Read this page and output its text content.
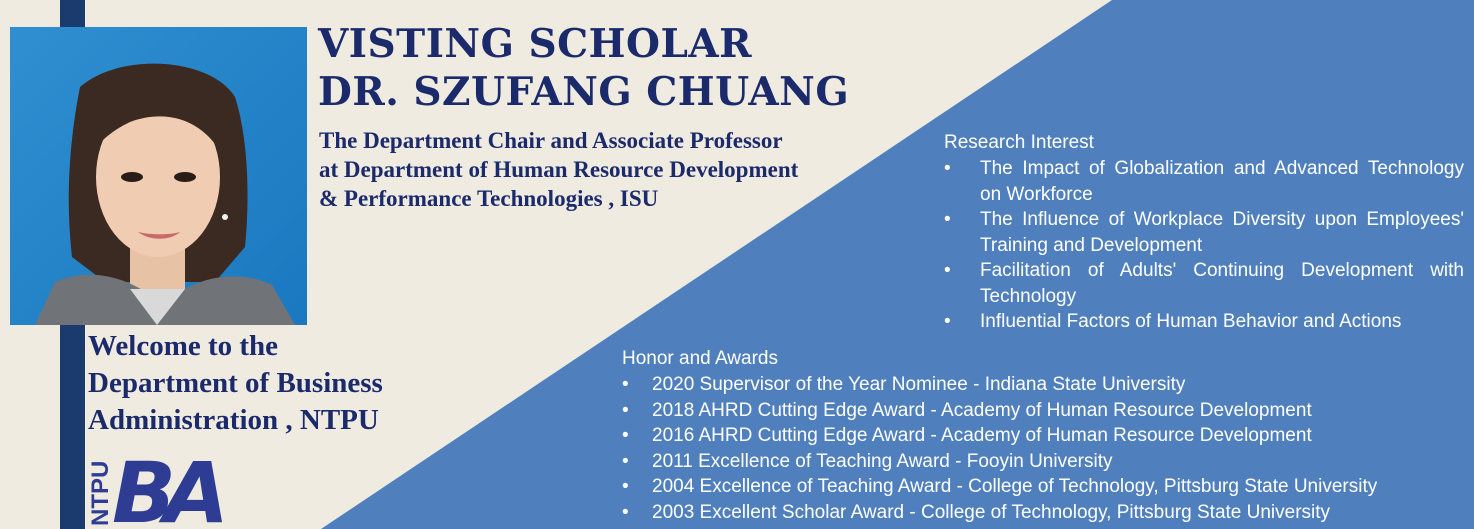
VISTING SCHOLAR
DR. SZUFANG CHUANG
The Department Chair and Associate Professor at Department of Human Resource Development & Performance Technologies , ISU
Welcome to the
Department of Business
Administration , NTPU
NTPU
BA
Research Interest
• The Impact of Globalization and Advanced Technology on Workforce
• The Influence of Workplace Diversity upon Employees' Training and Development
• Facilitation of Adults' Continuing Development with Technology
• Influential Factors of Human Behavior and Actions
Honor and Awards
• 2020 Supervisor of the Year Nominee - Indiana State University
• 2018 AHRD Cutting Edge Award - Academy of Human Resource Development
• 2016 AHRD Cutting Edge Award - Academy of Human Resource Development
• 2011 Excellence of Teaching Award - Fooyin University
• 2004 Excellence of Teaching Award - College of Technology, Pittsburg State University
• 2003 Excellent Scholar Award - College of Technology, Pittsburg State University
